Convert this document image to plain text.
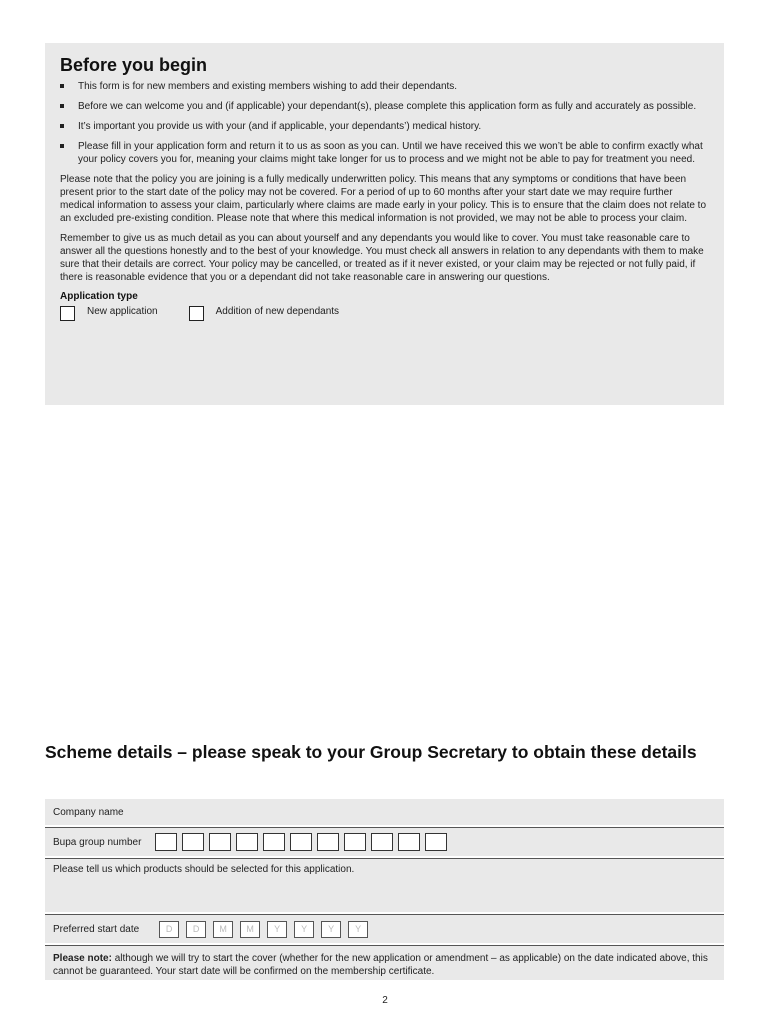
Before you begin
This form is for new members and existing members wishing to add their dependants.
Before we can welcome you and (if applicable) your dependant(s), please complete this application form as fully and accurately as possible.
It’s important you provide us with your (and if applicable, your dependants’) medical history.
Please fill in your application form and return it to us as soon as you can. Until we have received this we won’t be able to confirm exactly what your policy covers you for, meaning your claims might take longer for us to process and we might not be able to pay for treatment you need.

Please note that the policy you are joining is a fully medically underwritten policy. This means that any symptoms or conditions that have been present prior to the start date of the policy may not be covered. For a period of up to 60 months after your start date we may require further medical information to assess your claim, particularly where claims are made early in your policy. This is to ensure that the claim does not relate to an excluded pre-existing condition. Please note that where this medical information is not provided, we may not be able to process your claim.

Remember to give us as much detail as you can about yourself and any dependants you would like to cover. You must take reasonable care to answer all the questions honestly and to the best of your knowledge. You must check all answers in relation to any dependants with them to make sure that their details are correct. Your policy may be cancelled, or treated as if it never existed, or your claim may be rejected or not fully paid, if there is reasonable evidence that you or a dependant did not take reasonable care in answering our questions.

Application type
New application	Addition of new dependants
Scheme details – please speak to your Group Secretary to obtain these details
Company name
Bupa group number
Please tell us which products should be selected for this application.
Preferred start date	D	D	M	M	Y	Y	Y	Y
Please note: although we will try to start the cover (whether for the new application or amendment – as applicable) on the date indicated above, this cannot be guaranteed. Your start date will be confirmed on the membership certificate.
2
